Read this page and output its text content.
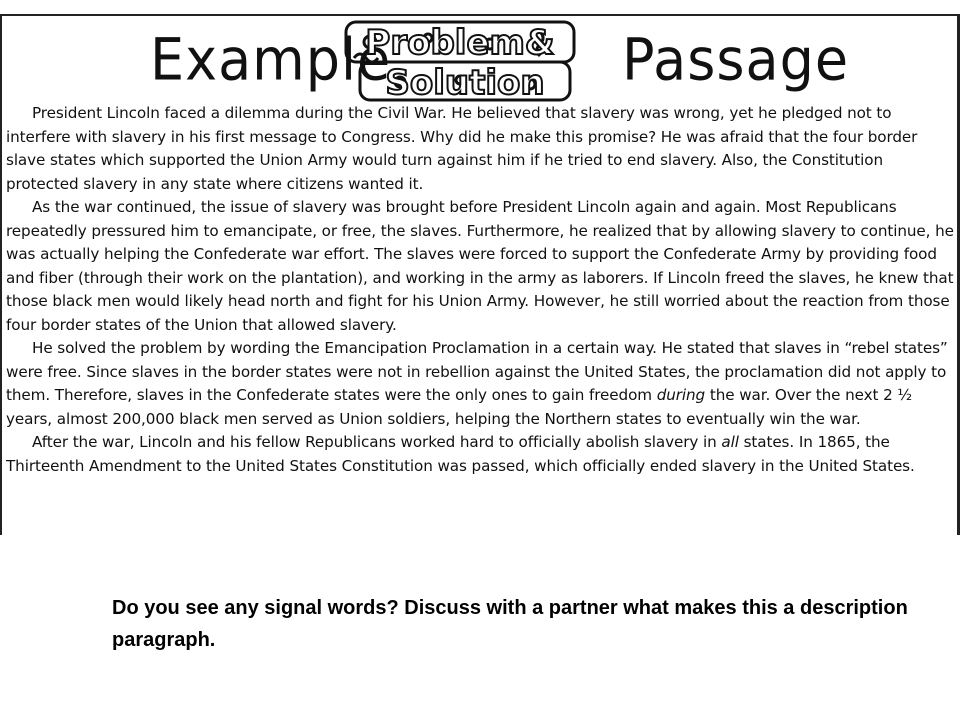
Example
Problem&
Solution Passage

President Lincoln faced a dilemma during the Civil War. He believed that slavery was wrong, yet he pledged not to interfere with slavery in his first message to Congress. Why did he make this promise? He was afraid that the four border slave states which supported the Union Army would turn against him if he tried to end slavery. Also, the Constitution protected slavery in any state where citizens wanted it.

As the war continued, the issue of slavery was brought before President Lincoln again and again. Most Republicans repeatedly pressured him to emancipate, or free, the slaves. Furthermore, he realized that by allowing slavery to continue, he was actually helping the Confederate war effort. The slaves were forced to support the Confederate Army by providing food and fiber (through their work on the plantation), and working in the army as laborers. If Lincoln freed the slaves, he knew that those black men would likely head north and fight for his Union Army. However, he still worried about the reaction from those four border states of the Union that allowed slavery.

He solved the problem by wording the Emancipation Proclamation in a certain way. He stated that slaves in “rebel states” were free. Since slaves in the border states were not in rebellion against the United States, the proclamation did not apply to them. Therefore, slaves in the Confederate states were the only ones to gain freedom during the war. Over the next 2 ½ years, almost 200,000 black men served as Union soldiers, helping the Northern states to eventually win the war.

After the war, Lincoln and his fellow Republicans worked hard to officially abolish slavery in all states. In 1865, the Thirteenth Amendment to the United States Constitution was passed, which officially ended slavery in the United States.

Do you see any signal words? Discuss with a partner what makes this a description paragraph.
